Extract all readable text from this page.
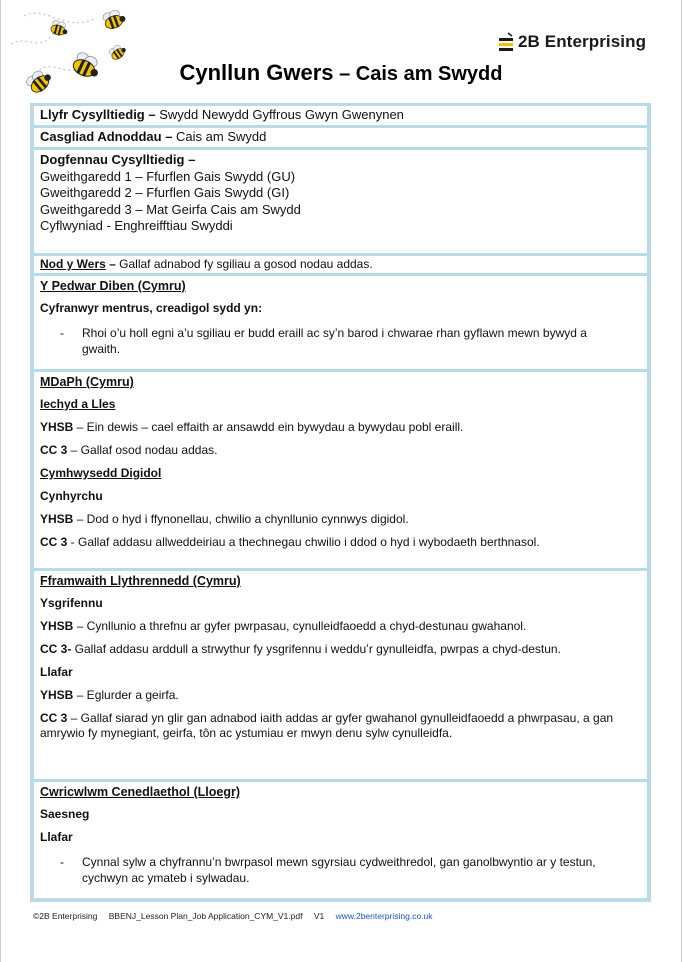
2B Enterprising
Cynllun Gwers – Cais am Swydd
Llyfr Cysylltiedig – Swydd Newydd Gyffrous Gwyn Gwenynen
Casgliad Adnoddau – Cais am Swydd
Dogfennau Cysylltiedig –
Gweithgaredd 1 – Ffurflen Gais Swydd (GU)
Gweithgaredd 2 – Ffurflen Gais Swydd (GI)
Gweithgaredd 3 – Mat Geirfa Cais am Swydd
Cyflwyniad - Enghreifftiau Swyddi
Nod y Wers – Gallaf adnabod fy sgiliau a gosod nodau addas.
Y Pedwar Diben (Cymru)
Cyfranwyr mentrus, creadigol sydd yn:
-	Rhoi o’u holl egni a’u sgiliau er budd eraill ac sy’n barod i chwarae rhan gyflawn mewn bywyd a gwaith.
MDaPh (Cymru)
Iechyd a Lles
YHSB – Ein dewis – cael effaith ar ansawdd ein bywydau a bywydau pobl eraill.
CC 3 – Gallaf osod nodau addas.
Cymhwysedd Digidol
Cynhyrchu
YHSB – Dod o hyd i ffynonellau, chwilio a chynllunio cynnwys digidol.
CC 3 - Gallaf addasu allweddeiriau a thechnegau chwilio i ddod o hyd i wybodaeth berthnasol.
Fframwaith Llythrennedd (Cymru)
Ysgrifennu
YHSB – Cynllunio a threfnu ar gyfer pwrpasau, cynulleidfaoedd a chyd-destunau gwahanol.
CC 3- Gallaf addasu arddull a strwythur fy ysgrifennu i weddu’r gynulleidfa, pwrpas a chyd-destun.
Llafar
YHSB – Eglurder a geirfa.
CC 3 – Gallaf siarad yn glir gan adnabod iaith addas ar gyfer gwahanol gynulleidfaoedd a phwrpasau, a gan amrywio fy mynegiant, geirfa, tôn ac ystumiau er mwyn denu sylw cynulleidfa.
Cwricwlwm Cenedlaethol (Lloegr)
Saesneg
Llafar
-	Cynnal sylw a chyfrannu’n bwrpasol mewn sgyrsiau cydweithredol, gan ganolbwyntio ar y testun, cychwyn ac ymateb i sylwadau.
©2B Enterprising BBENJ_Lesson Plan_Job Application_CYM_V1.pdf V1 www.2benterprising.co.uk
